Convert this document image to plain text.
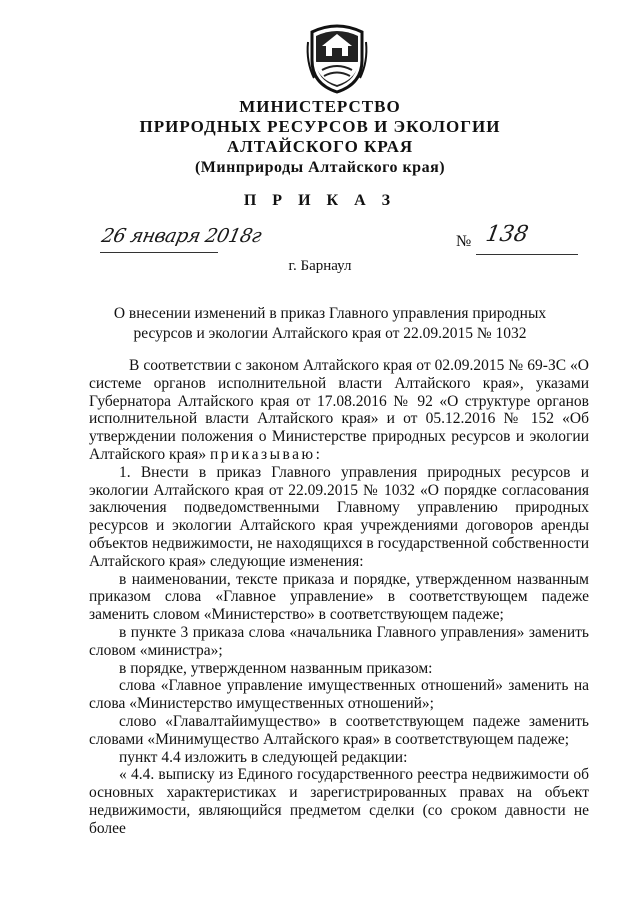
МИНИСТЕРСТВО
ПРИРОДНЫХ РЕСУРСОВ И ЭКОЛОГИИ
АЛТАЙСКОГО КРАЯ
(Минприроды Алтайского края)
П Р И К А З
26 января 2018г	№ 138
г. Барнаул
О внесении изменений в приказ Главного управления природных
ресурсов и экологии Алтайского края от 22.09.2015 № 1032

В соответствии с законом Алтайского края от 02.09.2015 № 69-ЗС «О системе органов исполнительной власти Алтайского края», указами Губернатора Алтайского края от 17.08.2016 № 92 «О структуре органов исполнительной власти Алтайского края» и от 05.12.2016 № 152 «Об утверждении положения о Министерстве природных ресурсов и экологии Алтайского края» приказываю:

1. Внести в приказ Главного управления природных ресурсов и экологии Алтайского края от 22.09.2015 № 1032 «О порядке согласования заключения подведомственными Главному управлению природных ресурсов и экологии Алтайского края учреждениями договоров аренды объектов недвижимости, не находящихся в государственной собственности Алтайского края» следующие изменения:

в наименовании, тексте приказа и порядке, утвержденном названным приказом слова «Главное управление» в соответствующем падеже заменить словом «Министерство» в соответствующем падеже;

в пункте 3 приказа слова «начальника Главного управления» заменить словом «министра»;

в порядке, утвержденном названным приказом:

слова «Главное управление имущественных отношений» заменить на слова «Министерство имущественных отношений»;

слово «Главалтайимущество» в соответствующем падеже заменить словами «Минимущество Алтайского края» в соответствующем падеже;

пункт 4.4 изложить в следующей редакции:

« 4.4. выписку из Единого государственного реестра недвижимости об основных характеристиках и зарегистрированных правах на объект недвижимости, являющийся предметом сделки (со сроком давности не более
